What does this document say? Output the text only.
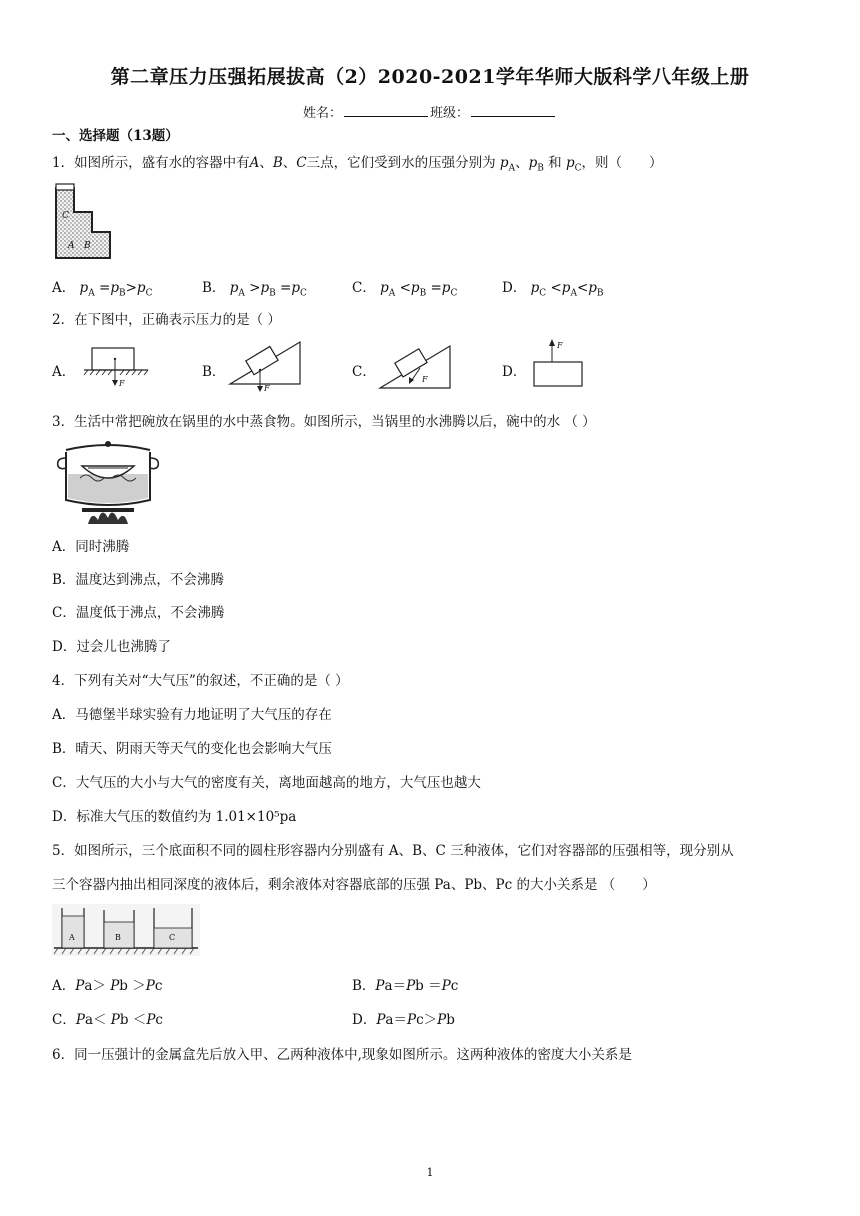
第二章压力压强拓展拔高（2）2020-2021学年华师大版科学八年级上册
姓名：	班级：
一、选择题（13题）
1．如图所示，盛有水的容器中有A、B、C三点，它们受到水的压强分别为 $p_A$、$p_B$ 和 $p_C$，则（　　）
C
A B
A． $p_A =p_B>p_C$	B． $p_A >p_B =p_C$	C． $p_A <p_B =p_C$	D． $p_C <p_A<p_B$
2．在下图中，正确表示压力的是（ ）
A．
F
B．
F
C．	F	D．
F
3．生活中常把碗放在锅里的水中蒸食物。如图所示，当锅里的水沸腾以后，碗中的水 （ ）
A．同时沸腾
B．温度达到沸点，不会沸腾
C．温度低于沸点，不会沸腾
D．过会儿也沸腾了
4．下列有关对“大气压”的叙述，不正确的是（ ）
A．马德堡半球实验有力地证明了大气压的存在
B．晴天、阴雨天等天气的变化也会影响大气压
C．大气压的大小与大气的密度有关，离地面越高的地方，大气压也越大
D．标准大气压的数值约为 1.01×10⁵pa
5．如图所示，三个底面积不同的圆柱形容器内分别盛有 A、B、C 三种液体，它们对容器部的压强相等，现分别从
三个容器内抽出相同深度的液体后，剩余液体对容器底部的压强 Pa、Pb、Pc 的大小关系是 （　　）
A	B	C
A．Pa＞ Pb ＞Pc	B．Pa＝Pb ＝Pc
C．Pa＜ Pb ＜Pc	D．Pa＝Pc＞Pb
6．同一压强计的金属盒先后放入甲、乙两种液体中,现象如图所示。这两种液体的密度大小关系是
1
